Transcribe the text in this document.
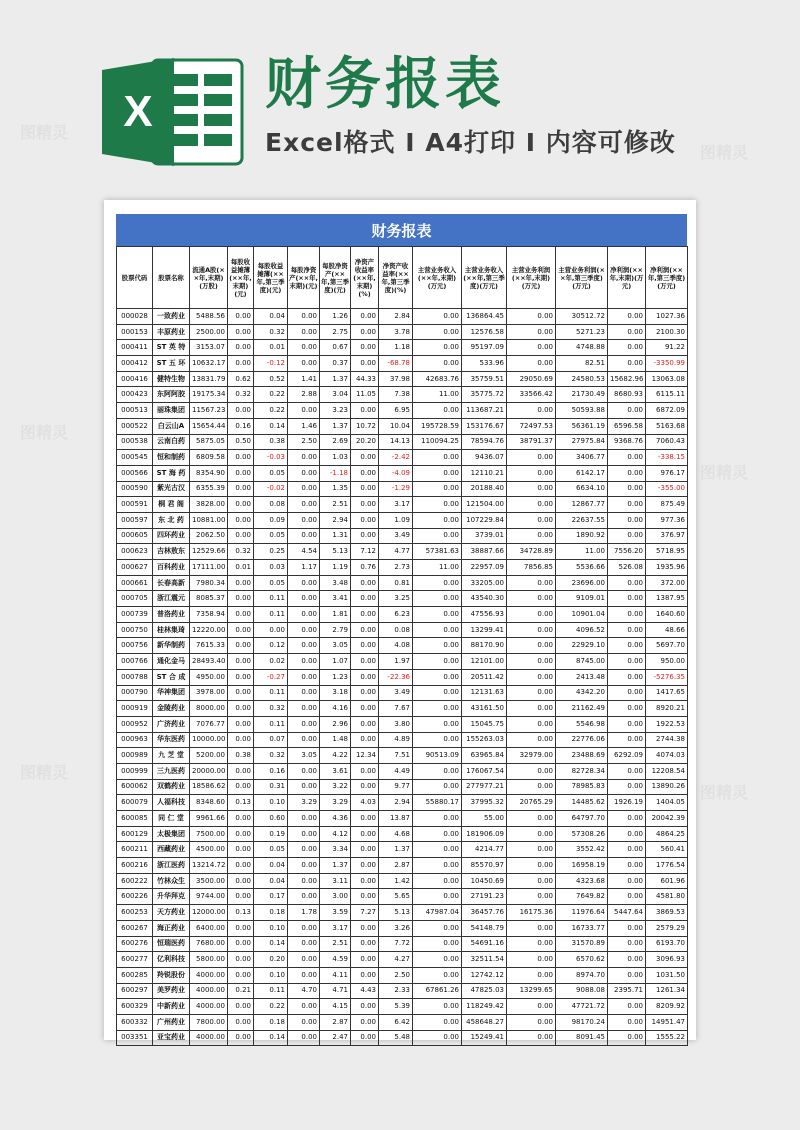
X 财务报表
Excel格式 I A4打印 I 内容可修改
财务报表
股票代码	股票名称	流通A股(××年,末期)(万股)	每股收益摊薄(××年,末期)(元)	每股收益摊薄(××年,第三季度)(元)	每股净资产(××年,末期)(元)	每股净资产(××年,第三季度)(元)	净资产收益率(××年,末期)(%)	净资产收益率(××年,第三季度)(%)	主营业务收入(××年,末期)(万元)	主营业务收入(××年,第三季度)(万元)	主营业务利润(××年,末期)(万元)	主营业务利润(××年,第三季度)(万元)	净利润(××年,末期)(万元)	净利润(××年,第三季度)(万元)
000028	一致药业	5488.56	0.00	0.04	0.00	1.26	0.00	2.84	0.00	136864.45	0.00	30512.72	0.00	1027.36
000153	丰原药业	2500.00	0.00	0.32	0.00	2.75	0.00	3.78	0.00	12576.58	0.00	5271.23	0.00	2100.30
000411	ST 英 特	3153.07	0.00	0.01	0.00	0.67	0.00	1.18	0.00	95197.09	0.00	4748.88	0.00	91.22
000412	ST 五 环	10632.17	0.00	-0.12	0.00	0.37	0.00	-68.78	0.00	533.96	0.00	82.51	0.00	-3350.99
000416	健特生物	13831.79	0.62	0.52	1.41	1.37	44.33	37.98	42683.76	35759.51	29050.69	24580.53	15682.96	13063.08
000423	东阿阿胶	19175.34	0.32	0.22	2.88	3.04	11.05	7.38	11.00	35775.72	33566.42	21730.49	8680.93	6115.11
000513	丽珠集团	11567.23	0.00	0.22	0.00	3.23	0.00	6.95	0.00	113687.21	0.00	50593.88	0.00	6872.09
000522	白云山A	15654.44	0.16	0.14	1.46	1.37	10.72	10.04	195728.59	153176.67	72497.53	56361.19	6596.58	5163.68
000538	云南白药	5875.05	0.50	0.38	2.50	2.69	20.20	14.13	110094.25	78594.76	38791.37	27975.84	9368.76	7060.43
000545	恒和制药	6809.58	0.00	-0.03	0.00	1.03	0.00	-2.42	0.00	9436.07	0.00	3406.77	0.00	-338.15
000566	ST 海 药	8354.90	0.00	0.05	0.00	-1.18	0.00	-4.09	0.00	12110.21	0.00	6142.17	0.00	976.17
000590	紫光古汉	6355.39	0.00	-0.02	0.00	1.35	0.00	-1.29	0.00	20188.40	0.00	6634.10	0.00	-355.00
000591	桐 君 阁	3828.00	0.00	0.08	0.00	2.51	0.00	3.17	0.00	121504.00	0.00	12867.77	0.00	875.49
000597	东 北 药	10881.00	0.00	0.09	0.00	2.94	0.00	1.09	0.00	107229.84	0.00	22637.55	0.00	977.36
000605	四环药业	2062.50	0.00	0.05	0.00	1.31	0.00	3.49	0.00	3739.01	0.00	1890.92	0.00	376.97
000623	吉林敖东	12529.66	0.32	0.25	4.54	5.13	7.12	4.77	57381.63	38887.66	34728.89	11.00	7556.20	5718.95
000627	百科药业	17111.00	0.01	0.03	1.17	1.19	0.76	2.73	11.00	22957.09	7856.85	5536.66	526.08	1935.96
000661	长春高新	7980.34	0.00	0.05	0.00	3.48	0.00	0.81	0.00	33205.00	0.00	23696.00	0.00	372.00
000705	浙江震元	8085.37	0.00	0.11	0.00	3.41	0.00	3.25	0.00	43540.30	0.00	9109.01	0.00	1387.95
000739	普洛药业	7358.94	0.00	0.11	0.00	1.81	0.00	6.23	0.00	47556.93	0.00	10901.04	0.00	1640.60
000750	桂林集琦	12220.00	0.00	0.00	0.00	2.79	0.00	0.08	0.00	13299.41	0.00	4096.52	0.00	48.66
000756	新华制药	7615.33	0.00	0.12	0.00	3.05	0.00	4.08	0.00	88170.90	0.00	22929.10	0.00	5697.70
000766	通化金马	28493.40	0.00	0.02	0.00	1.07	0.00	1.97	0.00	12101.00	0.00	8745.00	0.00	950.00
000788	ST 合 成	4950.00	0.00	-0.27	0.00	1.23	0.00	-22.36	0.00	20511.42	0.00	2413.48	0.00	-5276.35
000790	华神集团	3978.00	0.00	0.11	0.00	3.18	0.00	3.49	0.00	12131.63	0.00	4342.20	0.00	1417.65
000919	金陵药业	8000.00	0.00	0.32	0.00	4.16	0.00	7.67	0.00	43161.50	0.00	21162.49	0.00	8920.21
000952	广济药业	7076.77	0.00	0.11	0.00	2.96	0.00	3.80	0.00	15045.75	0.00	5546.98	0.00	1922.53
000963	华东医药	10000.00	0.00	0.07	0.00	1.48	0.00	4.89	0.00	155263.03	0.00	22776.06	0.00	2744.38
000989	九 芝 堂	5200.00	0.38	0.32	3.05	4.22	12.34	7.51	90513.09	63965.84	32979.00	23488.69	6292.09	4074.03
000999	三九医药	20000.00	0.00	0.16	0.00	3.61	0.00	4.49	0.00	176067.54	0.00	82728.34	0.00	12208.54
600062	双鹤药业	18586.62	0.00	0.31	0.00	3.22	0.00	9.77	0.00	277977.21	0.00	78985.83	0.00	13890.26
600079	人福科技	8348.60	0.13	0.10	3.29	3.29	4.03	2.94	55880.17	37995.32	20765.29	14485.62	1926.19	1404.05
600085	同 仁 堂	9961.66	0.00	0.60	0.00	4.36	0.00	13.87	0.00	55.00	0.00	64797.70	0.00	20042.39
600129	太极集团	7500.00	0.00	0.19	0.00	4.12	0.00	4.68	0.00	181906.09	0.00	57308.26	0.00	4864.25
600211	西藏药业	4500.00	0.00	0.05	0.00	3.34	0.00	1.37	0.00	4214.77	0.00	3552.42	0.00	560.41
600216	浙江医药	13214.72	0.00	0.04	0.00	1.37	0.00	2.87	0.00	85570.97	0.00	16958.19	0.00	1776.54
600222	竹林众生	3500.00	0.00	0.04	0.00	3.11	0.00	1.42	0.00	10450.69	0.00	4323.68	0.00	601.96
600226	升华拜克	9744.00	0.00	0.17	0.00	3.00	0.00	5.65	0.00	27191.23	0.00	7649.82	0.00	4581.80
600253	天方药业	12000.00	0.13	0.18	1.78	3.59	7.27	5.13	47987.04	36457.76	16175.36	11976.64	5447.64	3869.53
600267	海正药业	6400.00	0.00	0.10	0.00	3.17	0.00	3.26	0.00	54148.79	0.00	16733.77	0.00	2579.29
600276	恒瑞医药	7680.00	0.00	0.14	0.00	2.51	0.00	7.72	0.00	54691.16	0.00	31570.89	0.00	6193.70
600277	亿利科技	5800.00	0.00	0.20	0.00	4.59	0.00	4.27	0.00	32511.54	0.00	6570.62	0.00	3096.93
600285	羚锐股份	4000.00	0.00	0.10	0.00	4.11	0.00	2.50	0.00	12742.12	0.00	8974.70	0.00	1031.50
600297	美罗药业	4000.00	0.21	0.11	4.70	4.71	4.43	2.33	67861.26	47825.03	13299.65	9088.08	2395.71	1261.34
600329	中新药业	4000.00	0.00	0.22	0.00	4.15	0.00	5.39	0.00	118249.42	0.00	47721.72	0.00	8209.92
600332	广州药业	7800.00	0.00	0.18	0.00	2.87	0.00	6.42	0.00	458648.27	0.00	98170.24	0.00	14951.47
003351	亚宝药业	4000.00	0.00	0.14	0.00	2.47	0.00	5.48	0.00	15249.41	0.00	8091.45	0.00	1555.22
图精灵
图精灵
图精灵
图精灵
图精灵
图精灵
